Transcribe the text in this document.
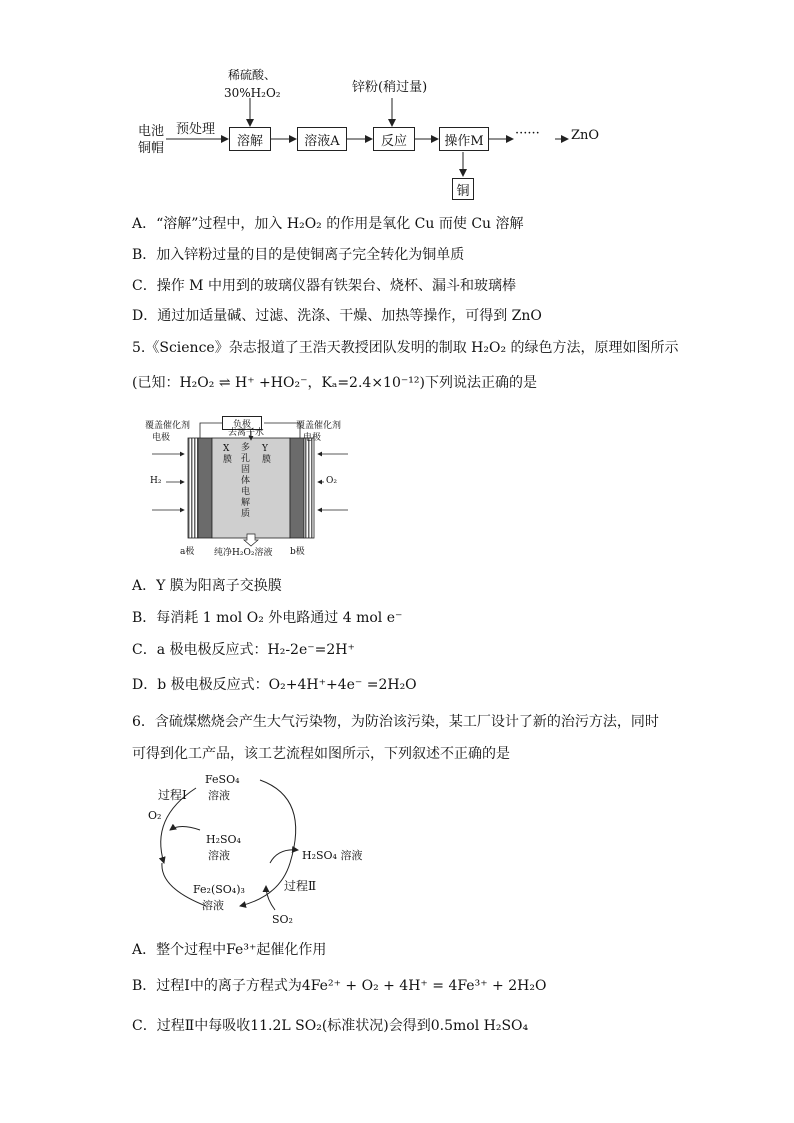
稀硫酸、
30%H₂O₂	锌粉(稍过量)
电池
铜帽
预处理
溶解	溶液A	反应	操作M	······ ZnO
铜
A．“溶解”过程中，加入 H₂O₂ 的作用是氧化 Cu 而使 Cu 溶解
B．加入锌粉过量的目的是使铜离子完全转化为铜单质
C．操作 M 中用到的玻璃仪器有铁架台、烧杯、漏斗和玻璃棒
D．通过加适量碱、过滤、洗涤、干燥、加热等操作，可得到 ZnO
5.《Science》杂志报道了王浩天教授团队发明的制取 H₂O₂ 的绿色方法，原理如图所示
(已知：H₂O₂ ⇌ H⁺ +HO₂⁻，Kₐ=2.4×10⁻¹²)下列说法正确的是
负极
覆盖催化剂
电极
覆盖催化剂
电极
去离子水
X膜
Y膜
多孔固体电解质
H₂	O₂
a极	b极
纯净H₂O₂溶液
A．Y 膜为阳离子交换膜
B．每消耗 1 mol O₂ 外电路通过 4 mol e⁻
C．a 极电极反应式：H₂-2e⁻=2H⁺
D．b 极电极反应式：O₂+4H⁺+4e⁻ =2H₂O
6．含硫煤燃烧会产生大气污染物，为防治该污染，某工厂设计了新的治污方法，同时
可得到化工产品，该工艺流程如图所示，下列叙述不正确的是
FeSO₄
溶液
过程Ⅰ
O₂
H₂SO₄
溶液	H₂SO₄ 溶液
Fe₂(SO₄)₃
溶液
过程Ⅱ
SO₂
A．整个过程中Fe³⁺起催化作用
B．过程Ⅰ中的离子方程式为4Fe²⁺ + O₂ + 4H⁺ = 4Fe³⁺ + 2H₂O
C．过程Ⅱ中每吸收11.2L SO₂(标准状况)会得到0.5mol H₂SO₄
